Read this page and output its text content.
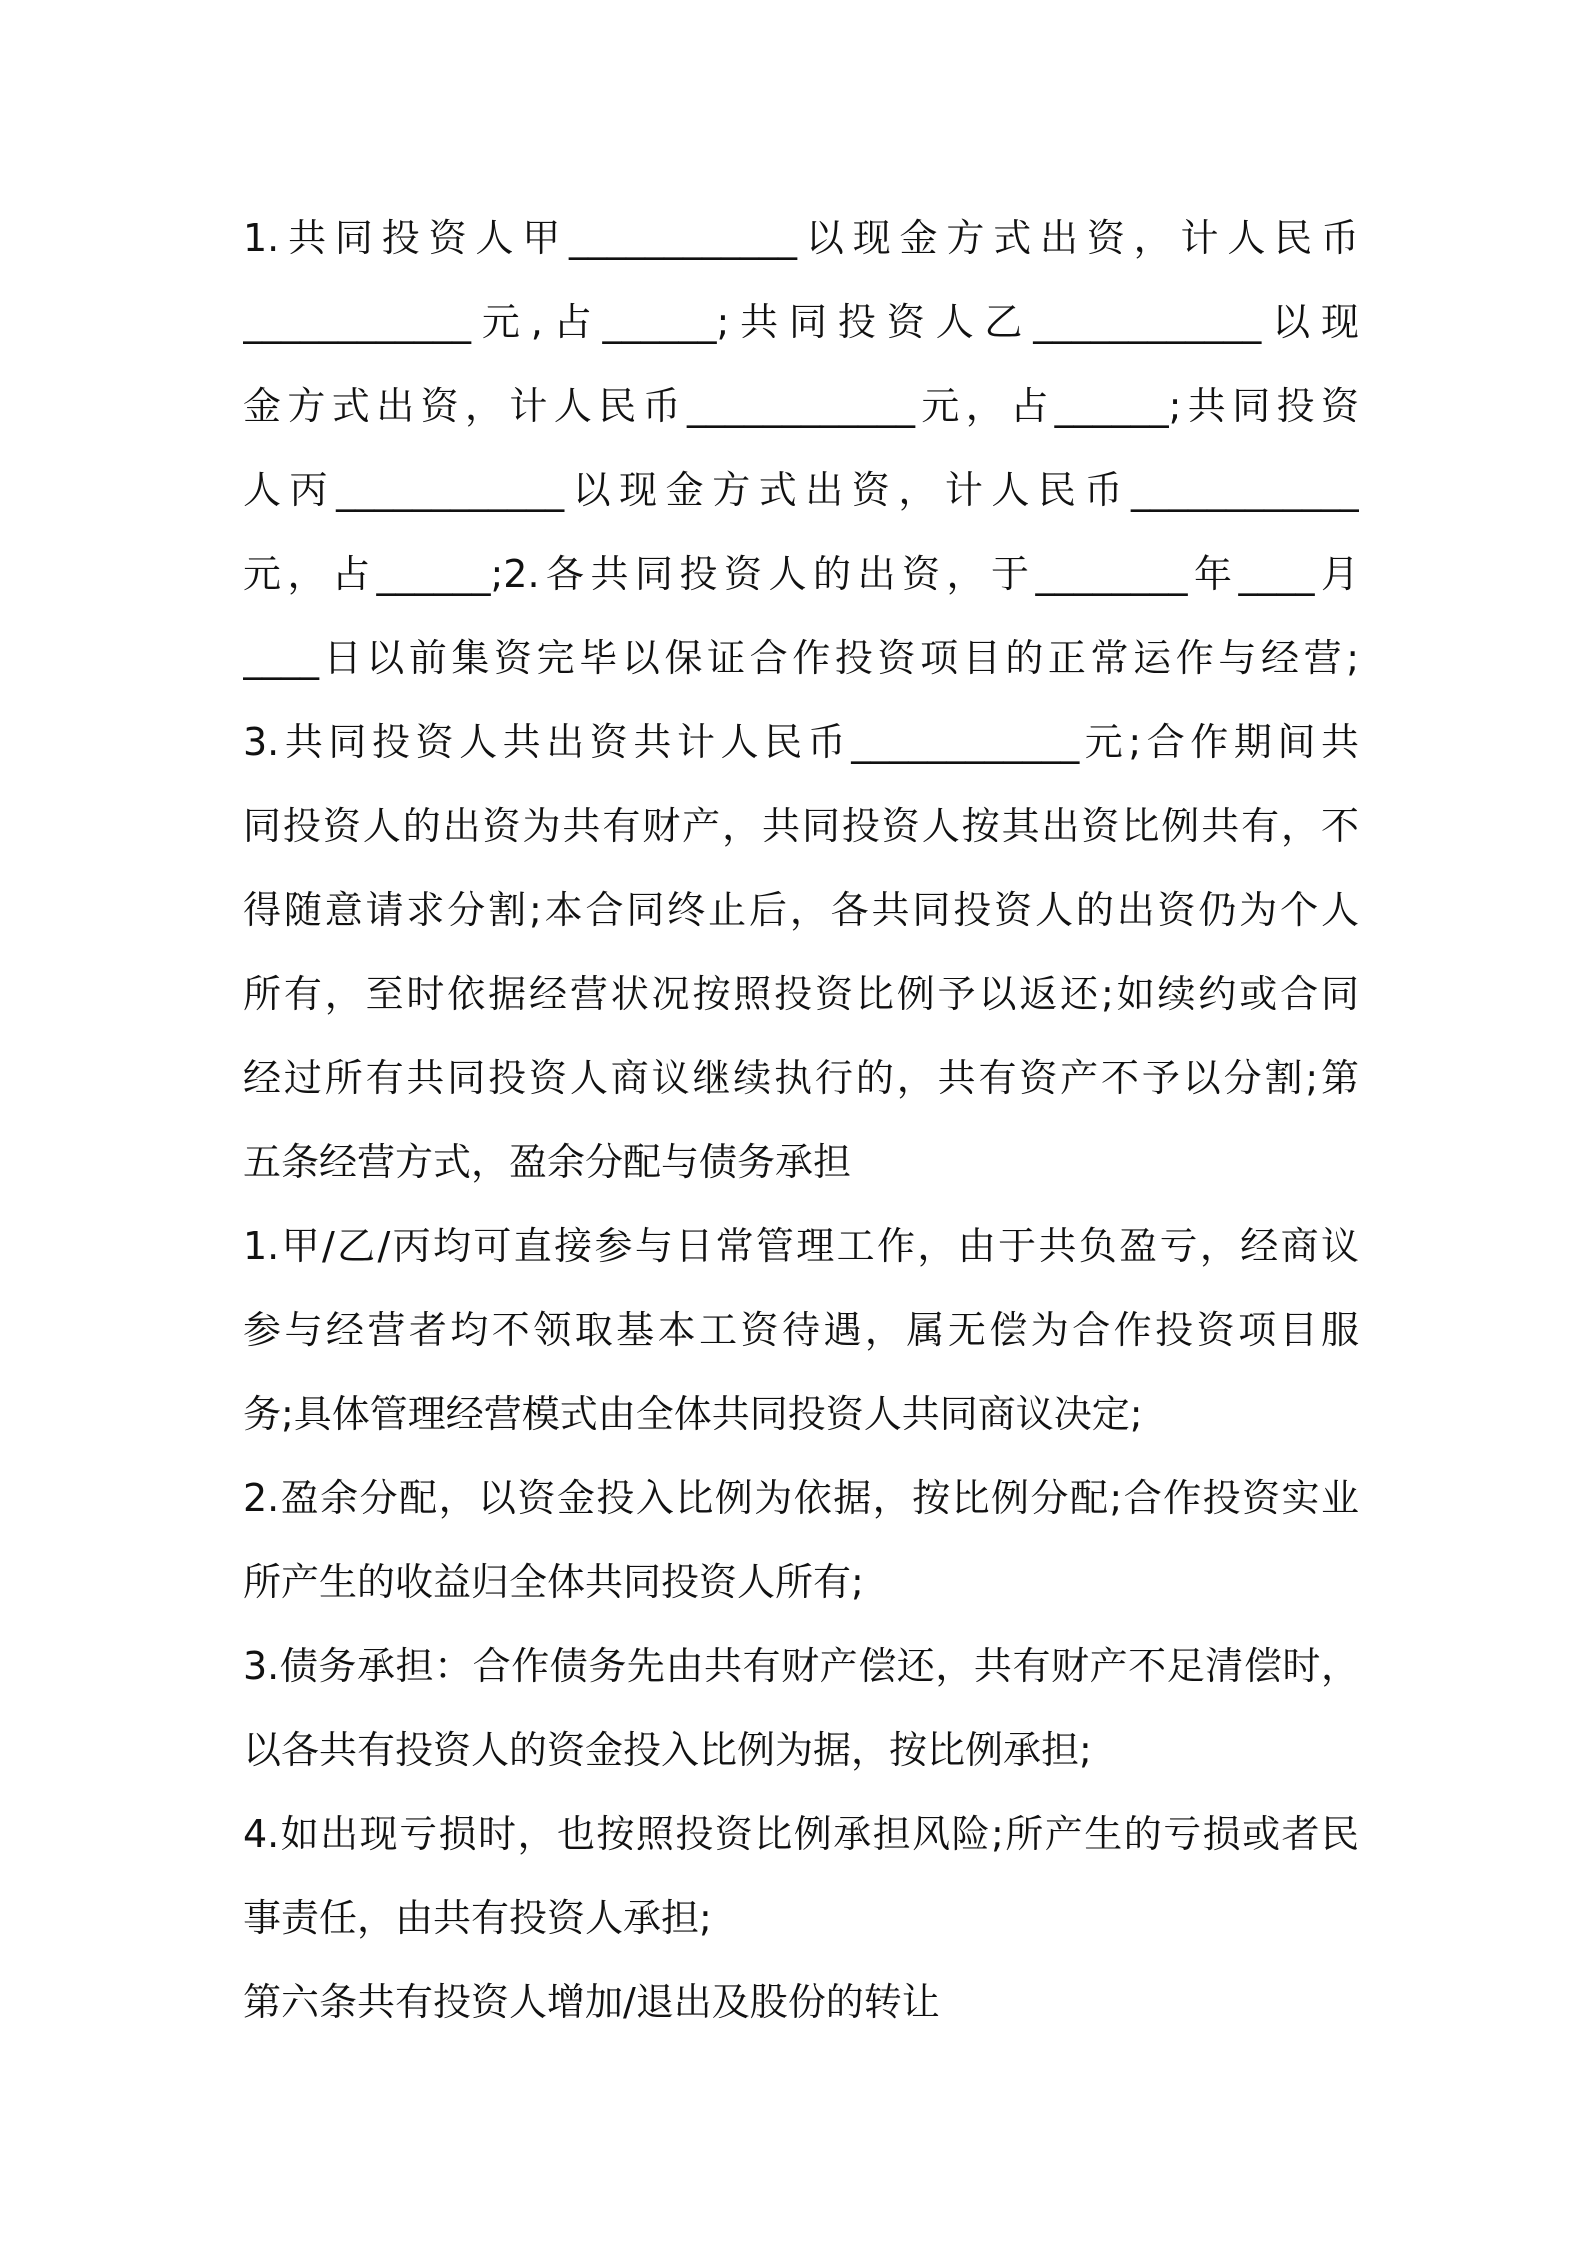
1.共同投资人甲____________以现金方式出资，计人民币
____________元,占______;共同投资人乙____________以现
金方式出资，计人民币____________元，占______;共同投资
人丙____________以现金方式出资，计人民币____________
元，占______;2.各共同投资人的出资，于________年____月
____日以前集资完毕以保证合作投资项目的正常运作与经营;
3.共同投资人共出资共计人民币____________元;合作期间共
同投资人的出资为共有财产，共同投资人按其出资比例共有，不
得随意请求分割;本合同终止后，各共同投资人的出资仍为个人
所有，至时依据经营状况按照投资比例予以返还;如续约或合同
经过所有共同投资人商议继续执行的，共有资产不予以分割;第
五条经营方式，盈余分配与债务承担
1.甲/乙/丙均可直接参与日常管理工作，由于共负盈亏，经商议
参与经营者均不领取基本工资待遇，属无偿为合作投资项目服
务;具体管理经营模式由全体共同投资人共同商议决定;
2.盈余分配，以资金投入比例为依据，按比例分配;合作投资实业
所产生的收益归全体共同投资人所有;
3.债务承担：合作债务先由共有财产偿还，共有财产不足清偿时，
以各共有投资人的资金投入比例为据，按比例承担;
4.如出现亏损时，也按照投资比例承担风险;所产生的亏损或者民
事责任，由共有投资人承担;
第六条共有投资人增加/退出及股份的转让
